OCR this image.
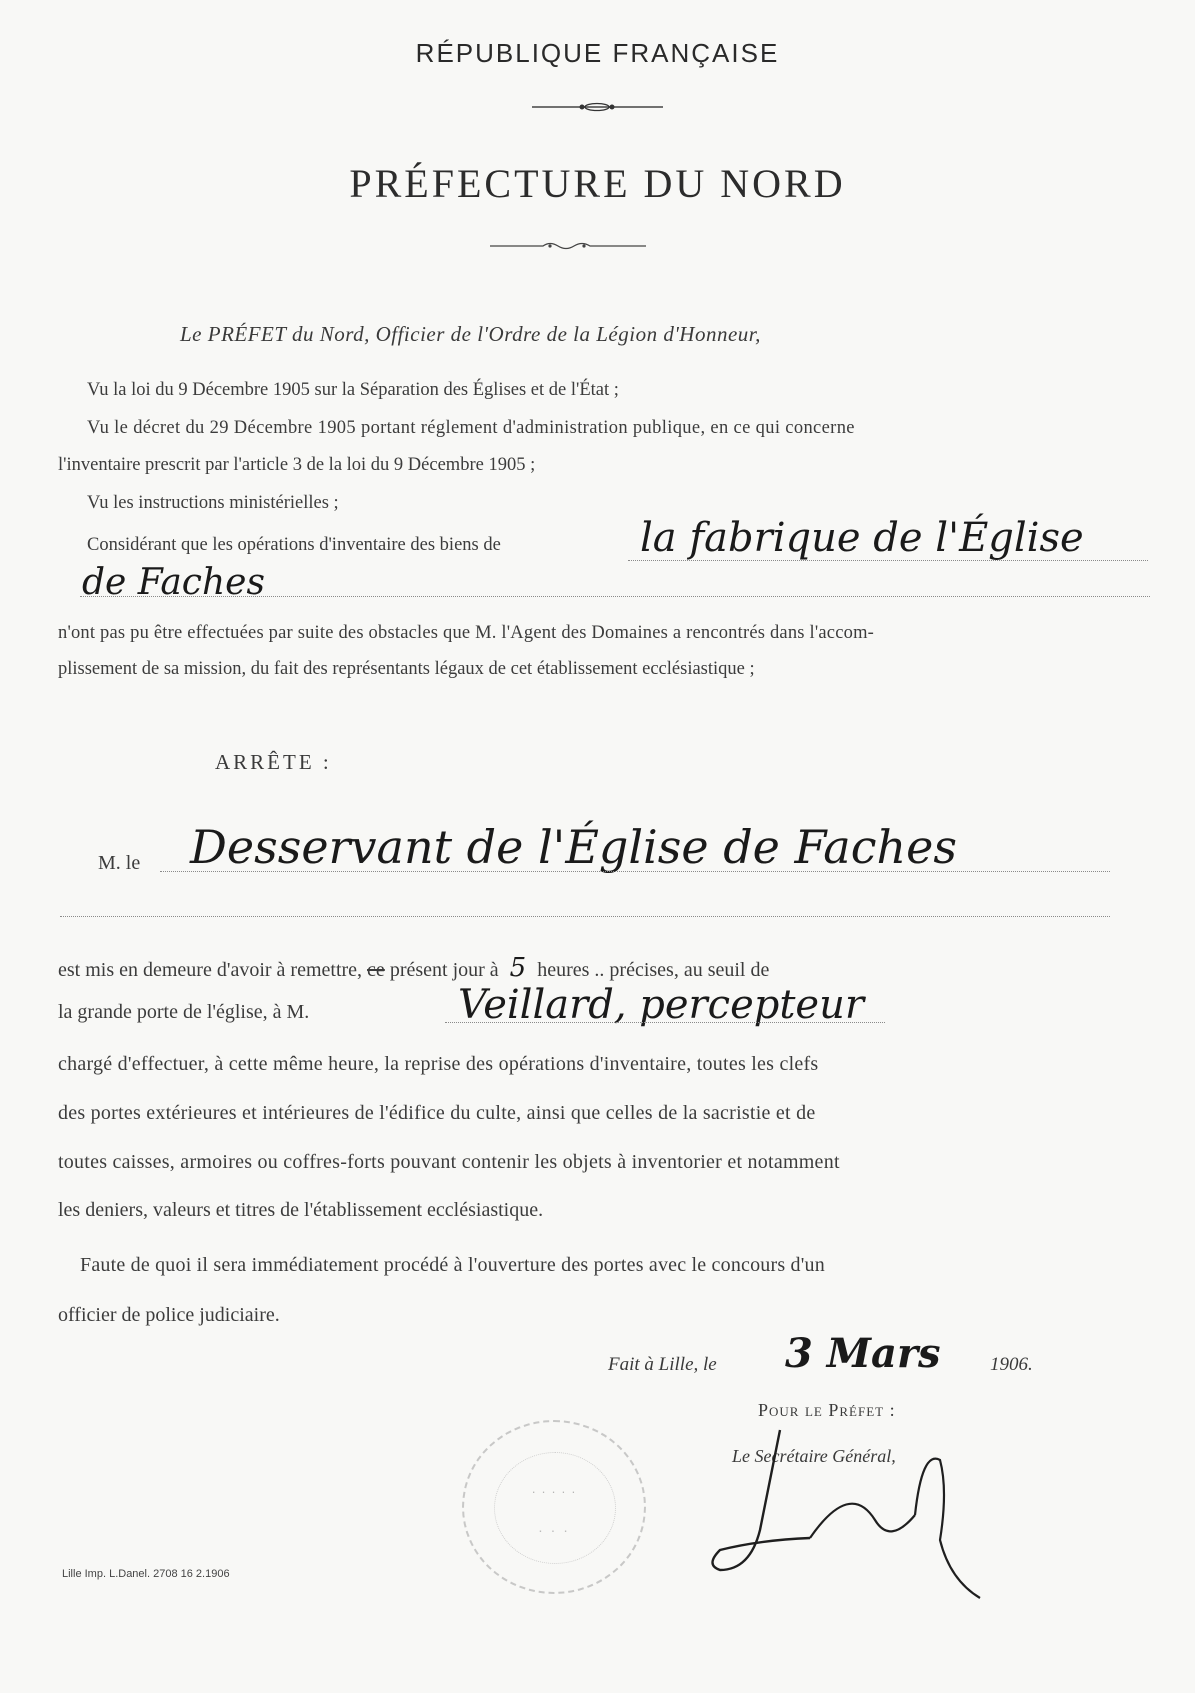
RÉPUBLIQUE FRANÇAISE
PRÉFECTURE DU NORD
Le PRÉFET du Nord, Officier de l'Ordre de la Légion d'Honneur,
Vu la loi du 9 Décembre 1905 sur la Séparation des Églises et de l'État ;
Vu le décret du 29 Décembre 1905 portant réglement d'administration publique, en ce qui concerne
l'inventaire prescrit par l'article 3 de la loi du 9 Décembre 1905 ;
Vu les instructions ministérielles ;
Considérant que les opérations d'inventaire des biens de	la fabrique de l'Église
de Faches
n'ont pas pu être effectuées par suite des obstacles que M. l'Agent des Domaines a rencontrés dans l'accom-
plissement de sa mission, du fait des représentants légaux de cet établissement ecclésiastique ;
ARRÊTE :
M. le Desservant de l'Église de Faches
est mis en demeure d'avoir à remettre, ce présent jour à 5 heures .. précises, au seuil de
la grande porte de l'église, à M.	Veillard, percepteur
chargé d'effectuer, à cette même heure, la reprise des opérations d'inventaire, toutes les clefs
des portes extérieures et intérieures de l'édifice du culte, ainsi que celles de la sacristie et de
toutes caisses, armoires ou coffres-forts pouvant contenir les objets à inventorier et notamment
les deniers, valeurs et titres de l'établissement ecclésiastique.
Faute de quoi il sera immédiatement procédé à l'ouverture des portes avec le concours d'un
officier de police judiciaire.
Fait à Lille, le 3 Mars	1906.
Pour le Préfet :
Le Secrétaire Général,
· · · · ·
· · ·
Lille Imp. L.Danel. 2708 16 2.1906
